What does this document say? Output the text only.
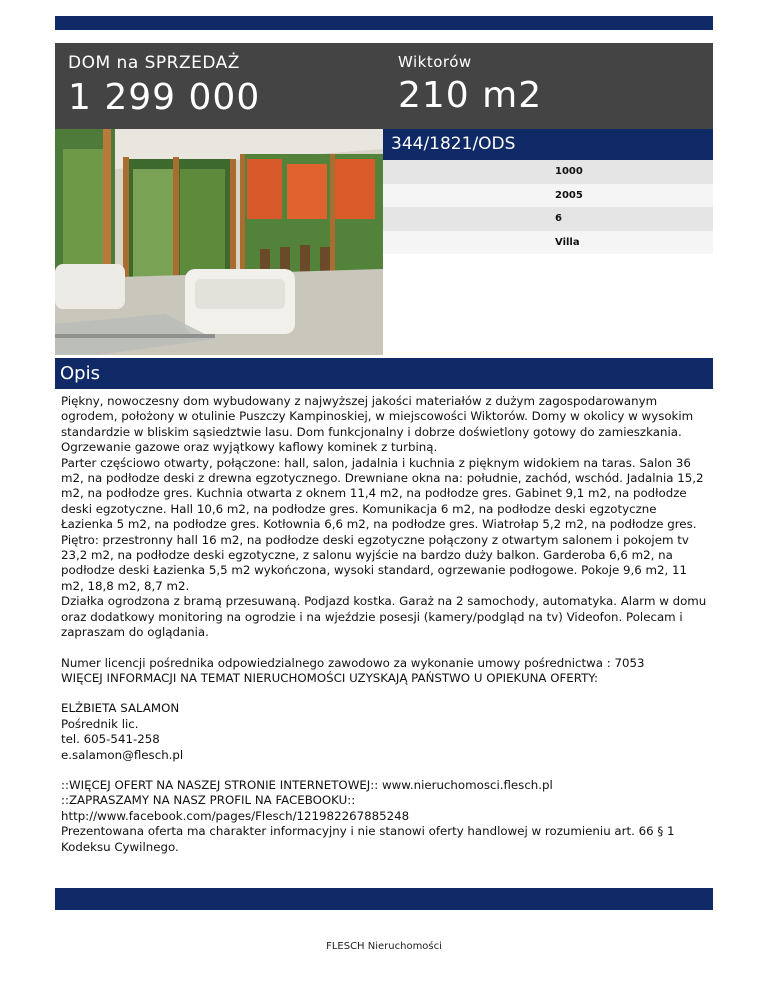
DOM na SPRZEDAŻ
1 299 000
Wiktorów
210 m2
344/1821/ODS
1000
2005
6
Villa
Opis

Piękny, nowoczesny dom wybudowany z najwyższej jakości materiałów z dużym zagospodarowanym ogrodem, położony w otulinie Puszczy Kampinoskiej, w miejscowości Wiktorów. Domy w okolicy w wysokim standardzie w bliskim sąsiedztwie lasu. Dom funkcjonalny i dobrze doświetlony gotowy do zamieszkania. Ogrzewanie gazowe oraz wyjątkowy kaflowy kominek z turbiną.

Parter częściowo otwarty, połączone: hall, salon, jadalnia i kuchnia z pięknym widokiem na taras. Salon 36 m2, na podłodze deski z drewna egzotycznego. Drewniane okna na: południe, zachód, wschód. Jadalnia 15,2 m2, na podłodze gres. Kuchnia otwarta z oknem 11,4 m2, na podłodze gres. Gabinet 9,1 m2, na podłodze deski egzotyczne. Hall 10,6 m2, na podłodze gres. Komunikacja 6 m2, na podłodze deski egzotyczne Łazienka 5 m2, na podłodze gres. Kotłownia 6,6 m2, na podłodze gres. Wiatrołap 5,2 m2, na podłodze gres.

Piętro: przestronny hall 16 m2, na podłodze deski egzotyczne połączony z otwartym salonem i pokojem tv 23,2 m2, na podłodze deski egzotyczne, z salonu wyjście na bardzo duży balkon. Garderoba 6,6 m2, na podłodze deski Łazienka 5,5 m2 wykończona, wysoki standard, ogrzewanie podłogowe. Pokoje 9,6 m2, 11 m2, 18,8 m2, 8,7 m2.

Działka ogrodzona z bramą przesuwaną. Podjazd kostka. Garaż na 2 samochody, automatyka. Alarm w domu oraz dodatkowy monitoring na ogrodzie i na wjeździe posesji (kamery/podgląd na tv) Videofon. Polecam i zapraszam do oglądania.

Numer licencji pośrednika odpowiedzialnego zawodowo za wykonanie umowy pośrednictwa : 7053

WIĘCEJ INFORMACJI NA TEMAT NIERUCHOMOŚCI UZYSKAJĄ PAŃSTWO U OPIEKUNA OFERTY:

ELŻBIETA SALAMON

Pośrednik lic.

tel. 605-541-258

e.salamon@flesch.pl

::WIĘCEJ OFERT NA NASZEJ STRONIE INTERNETOWEJ:: www.nieruchomosci.flesch.pl

::ZAPRASZAMY NA NASZ PROFIL NA FACEBOOKU::

http://www.facebook.com/pages/Flesch/121982267885248

Prezentowana oferta ma charakter informacyjny i nie stanowi oferty handlowej w rozumieniu art. 66 § 1 Kodeksu Cywilnego.

FLESCH Nieruchomości
